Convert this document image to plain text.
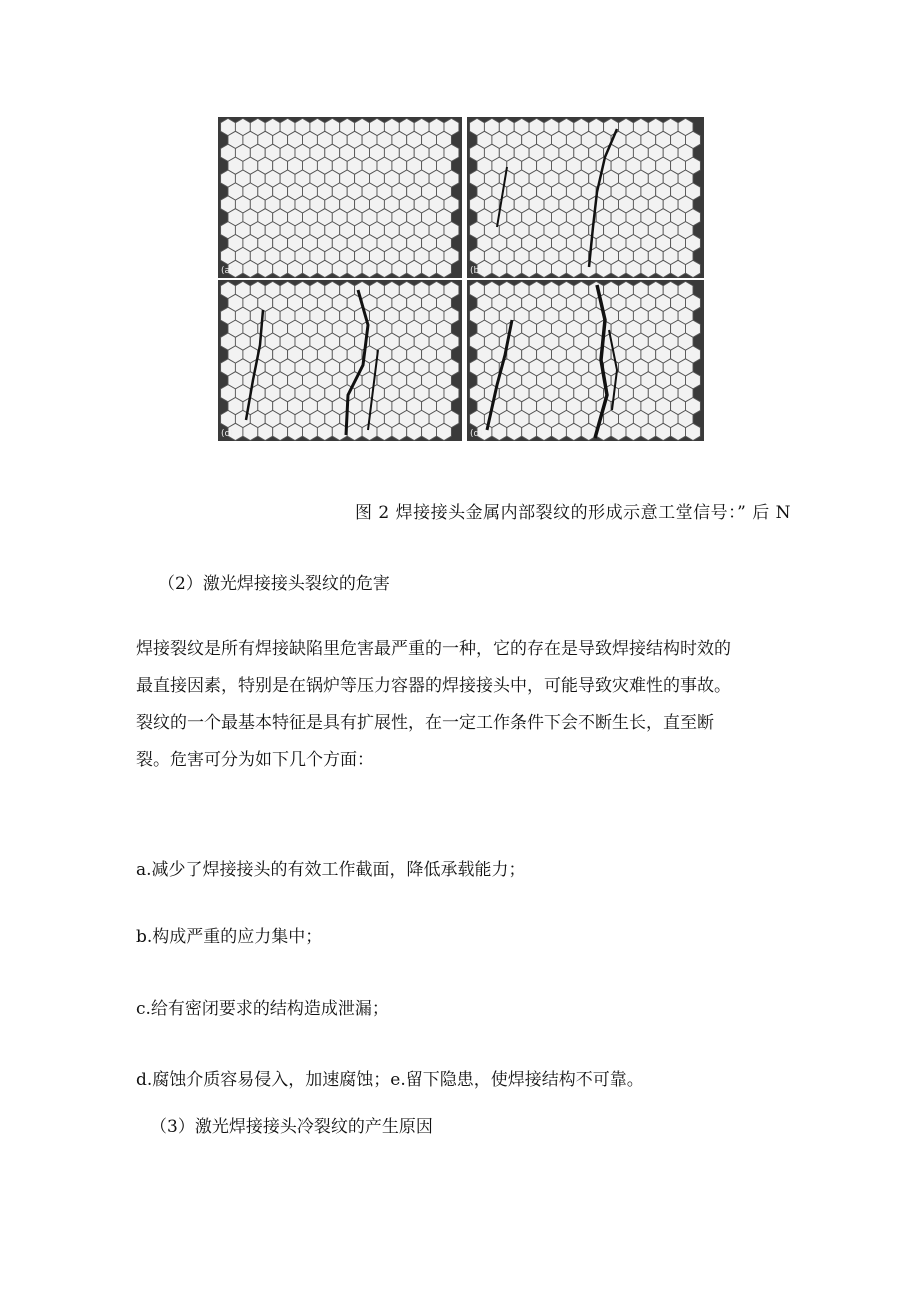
(a)	(b)
(c)	(d)
图 2 焊接接头金属内部裂纹的形成示意工堂信号：” 后 N
（2）激光焊接接头裂纹的危害
焊接裂纹是所有焊接缺陷里危害最严重的一种，它的存在是导致焊接结构时效的
最直接因素，特别是在锅炉等压力容器的焊接接头中，可能导致灾难性的事故。
裂纹的一个最基本特征是具有扩展性，在一定工作条件下会不断生长，直至断
裂。危害可分为如下几个方面：
a.减少了焊接接头的有效工作截面，降低承载能力；
b.构成严重的应力集中；
c.给有密闭要求的结构造成泄漏；
d.腐蚀介质容易侵入，加速腐蚀；e.留下隐患，使焊接结构不可靠。
（3）激光焊接接头冷裂纹的产生原因
